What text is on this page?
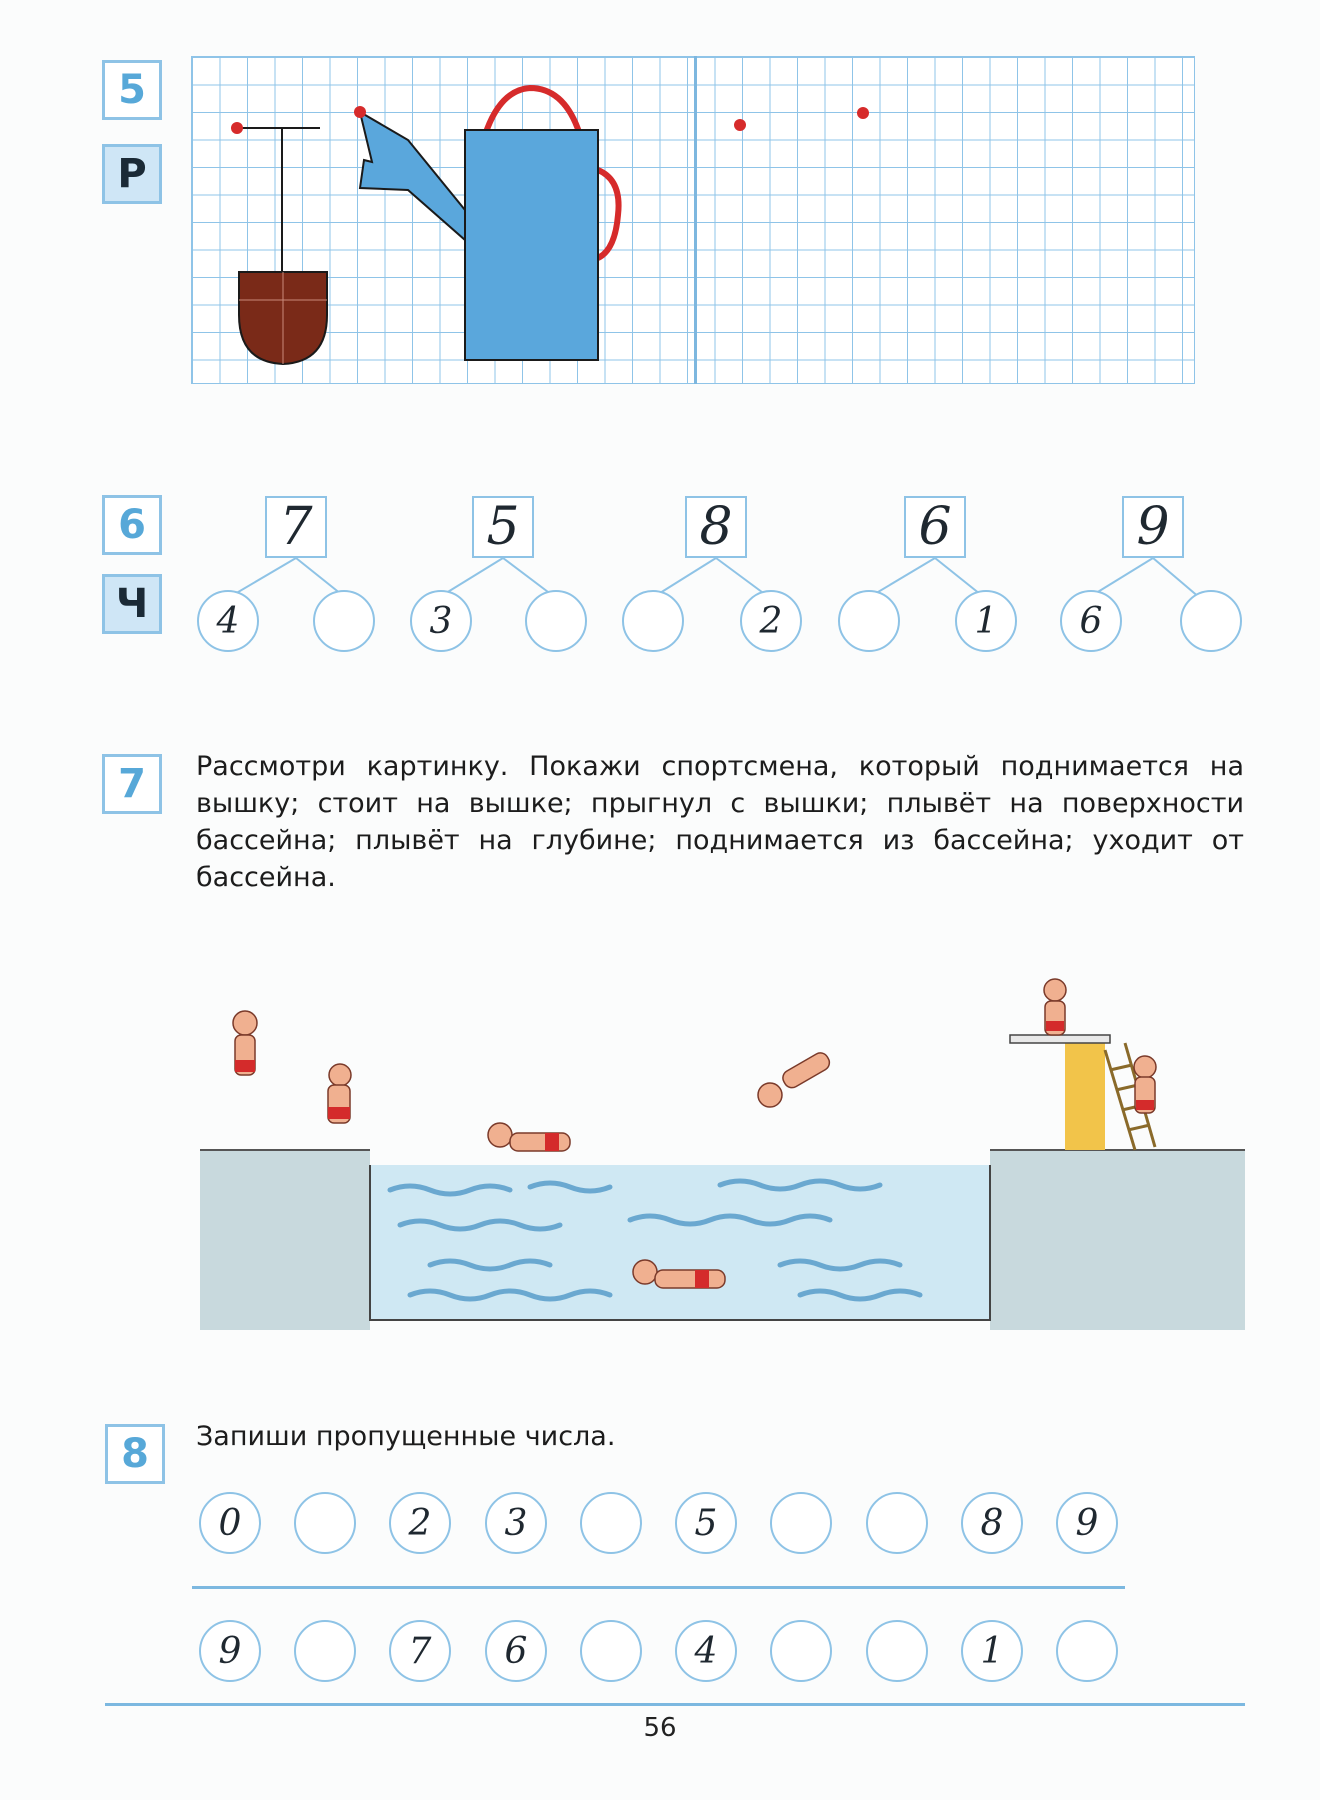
5
Р
6
Ч
7
4
5
3
8
2
6
1
9
6
7	Рассмотри картинку. Покажи спортсмена, который поднимается на вышку; стоит на вышке; прыгнул с вышки; плывёт на поверхности бассейна; плывёт на глубине; поднимается из бассейна; уходит от бассейна.
8	Запиши пропущенные числа.
0	2	3	5	8	9
9	7	6	4	1
56
